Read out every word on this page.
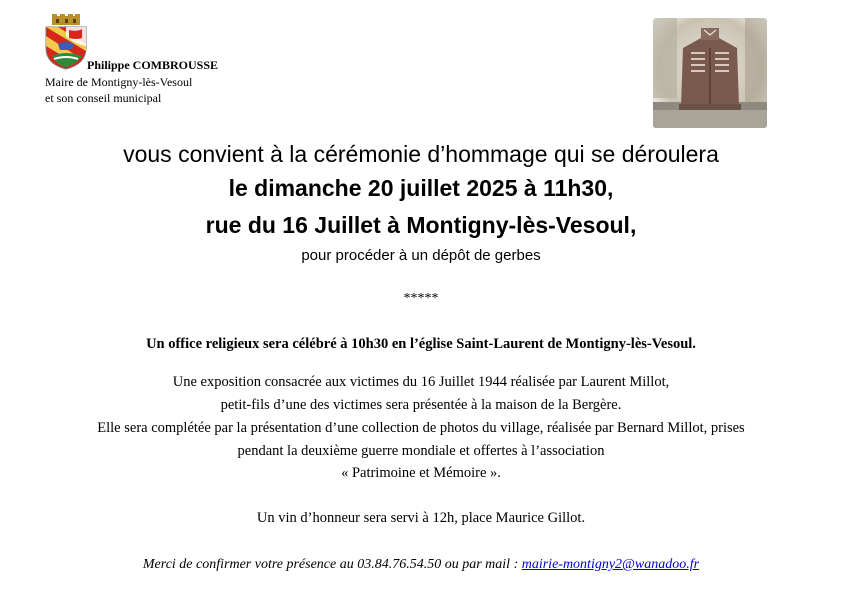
Philippe COMBROUSSE
Maire de Montigny-lès-Vesoul
et son conseil municipal
vous convient à la cérémonie d’hommage qui se déroulera
le dimanche 20 juillet 2025 à 11h30,
rue du 16 Juillet à Montigny-lès-Vesoul,
pour procéder à un dépôt de gerbes
*****
Un office religieux sera célébré à 10h30 en l’église Saint-Laurent de Montigny-lès-Vesoul.
Une exposition consacrée aux victimes du 16 Juillet 1944 réalisée par Laurent Millot,
petit-fils d’une des victimes sera présentée à la maison de la Bergère.
Elle sera complétée par la présentation d’une collection de photos du village, réalisée par Bernard Millot, prises
pendant la deuxième guerre mondiale et offertes à l’association
« Patrimoine et Mémoire ».
Un vin d’honneur sera servi à 12h, place Maurice Gillot.
Merci de confirmer votre présence au 03.84.76.54.50 ou par mail : mairie-montigny2@wanadoo.fr
